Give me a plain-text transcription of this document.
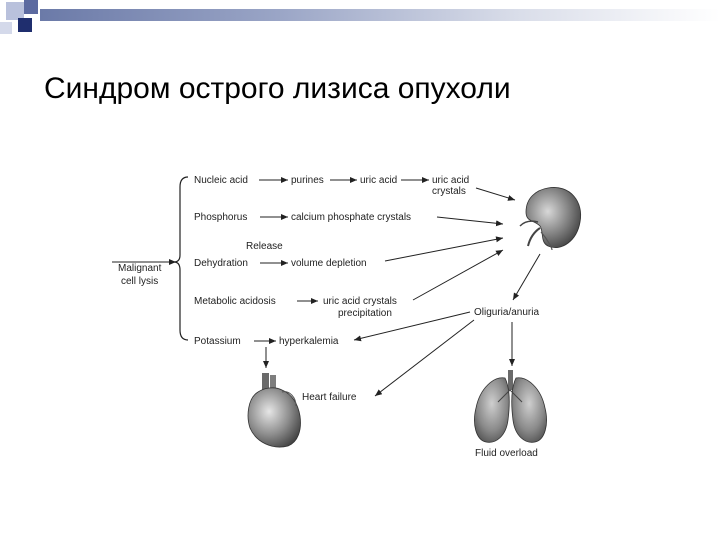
Синдром острого лизиса опухоли
Malignant
cell lysis
Nucleic acid	purines	uric acid	uric acid
crystals
Phosphorus	calcium phosphate crystals
Release
Dehydration	volume depletion
Metabolic acidosis	uric acid crystals
precipitation
Potassium	hyperkalemia
Oliguria/anuria
Heart failure
Fluid overload
